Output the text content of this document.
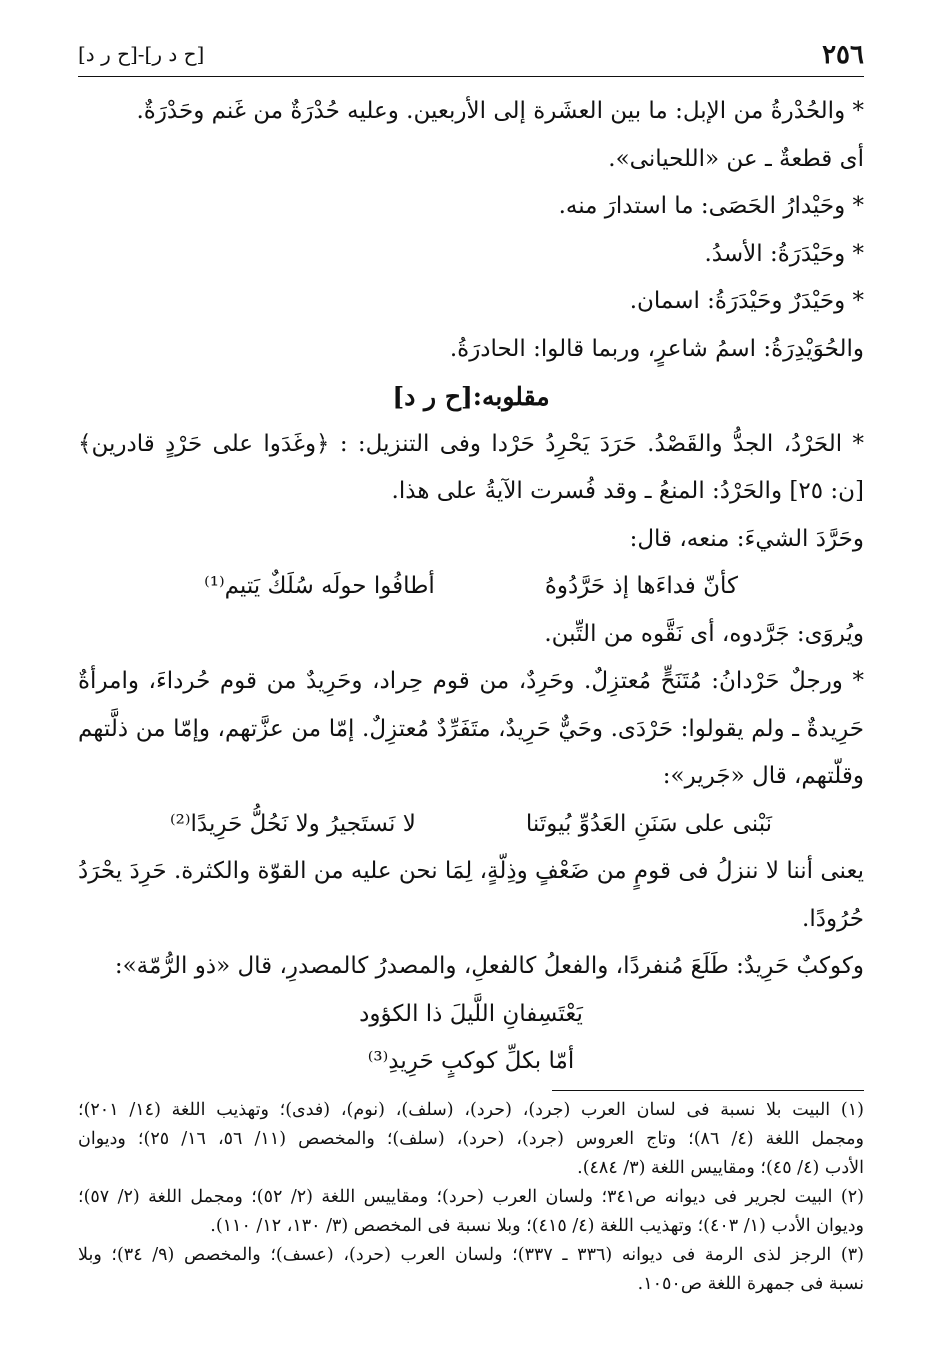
٢٥٦
[ح د ر]-[ح ر د]
* والحُدْرةُ من الإبل: ما بين العشَرة إلى الأربعين. وعليه حُدْرَةٌ من غَنم وحَدْرَةٌ.
أى قطعةٌ ـ عن «اللحيانى».
* وحَيْدارُ الحَصَى: ما استدارَ منه.
* وحَيْدَرَةُ: الأسدُ.
* وحَيْدَرٌ وحَيْدَرَةُ: اسمان.
والحُوَيْدِرَةُ: اسمُ شاعرٍ، وربما قالوا: الحادرَةُ.
مقلوبه:[ح ر د]
* الحَرْدُ، الجدُّ والقَصْدُ. حَرَدَ يَحْرِدُ حَرْدا وفى التنزيل: : ﴿وغَدَوا على حَرْدٍ قادرين﴾
[ن: ٢٥] والحَرْدُ: المنعُ ـ وقد فُسرت الآيةُ على هذا.
وحَرَّدَ الشيءَ: منعه، قال:
كأنّ فداءَها إذ حَرَّدُوهُ
أطافُوا حولَه سُلَكٌ يَتيم⁽¹⁾
ويُروَى: جَرَّدوه، أى نَقَّوه من التِّبن.
* ورجلٌ حَرْدانُ: مُتَنَحٍّ مُعتزِلٌ. وحَرِدٌ، من قوم حِراد، وحَرِيدٌ من قوم حُرداءَ، وامرأةٌ
حَرِيدةٌ ـ ولم يقولوا: حَرْدَى. وحَيٌّ حَرِيدٌ، متَفَرِّدٌ مُعتزِلٌ. إمّا من عزَّتهم، وإمّا من ذلَّتهم
وقلّتهم، قال «جَرير»:
نَبْنى على سَنَنِ العَدُوِّ بُيوتَنا
لا نَستَجيرُ ولا نَحُلُّ حَرِيدًا⁽²⁾
يعنى أننا لا ننزلُ فى قومٍ من ضَعْفٍ وذِلّةٍ، لِمَا نحن عليه من القوّة والكثرة. حَرِدَ يحْرَدُ
حُرُودًا.
وكوكبٌ حَرِيدٌ: طَلَعَ مُنفردًا، والفعلُ كالفعلِ، والمصدرُ كالمصدرِ، قال «ذو الرُّمّة»:
يَعْتَسِفانِ اللَّيلَ ذا الكؤود
أمّا بكلِّ كوكبٍ حَرِيدِ⁽³⁾
(١) البيت بلا نسبة فى لسان العرب (جرد)، (حرد)، (سلف)، (نوم)، (فدى)؛ وتهذيب اللغة (١٤/ ٢٠١)؛
ومجمل اللغة (٤/ ٨٦)؛ وتاج العروس (جرد)، (حرد)، (سلف)؛ والمخصص (١١/ ٥٦، ١٦/ ٢٥)؛ وديوان
الأدب (٤/ ٤٥)؛ ومقاييس اللغة (٣/ ٤٨٤).
(٢) البيت لجرير فى ديوانه ص٣٤١؛ ولسان العرب (حرد)؛ ومقاييس اللغة (٢/ ٥٢)؛ ومجمل اللغة (٢/ ٥٧)؛
وديوان الأدب (١/ ٤٠٣)؛ وتهذيب اللغة (٤/ ٤١٥)؛ وبلا نسبة فى المخصص (٣/ ١٣٠، ١٢/ ١١٠).
(٣) الرجز لذى الرمة فى ديوانه (٣٣٦ ـ ٣٣٧)؛ ولسان العرب (حرد)، (عسف)؛ والمخصص (٩/ ٣٤)؛ وبلا
نسبة فى جمهرة اللغة ص١٠٥٠.
